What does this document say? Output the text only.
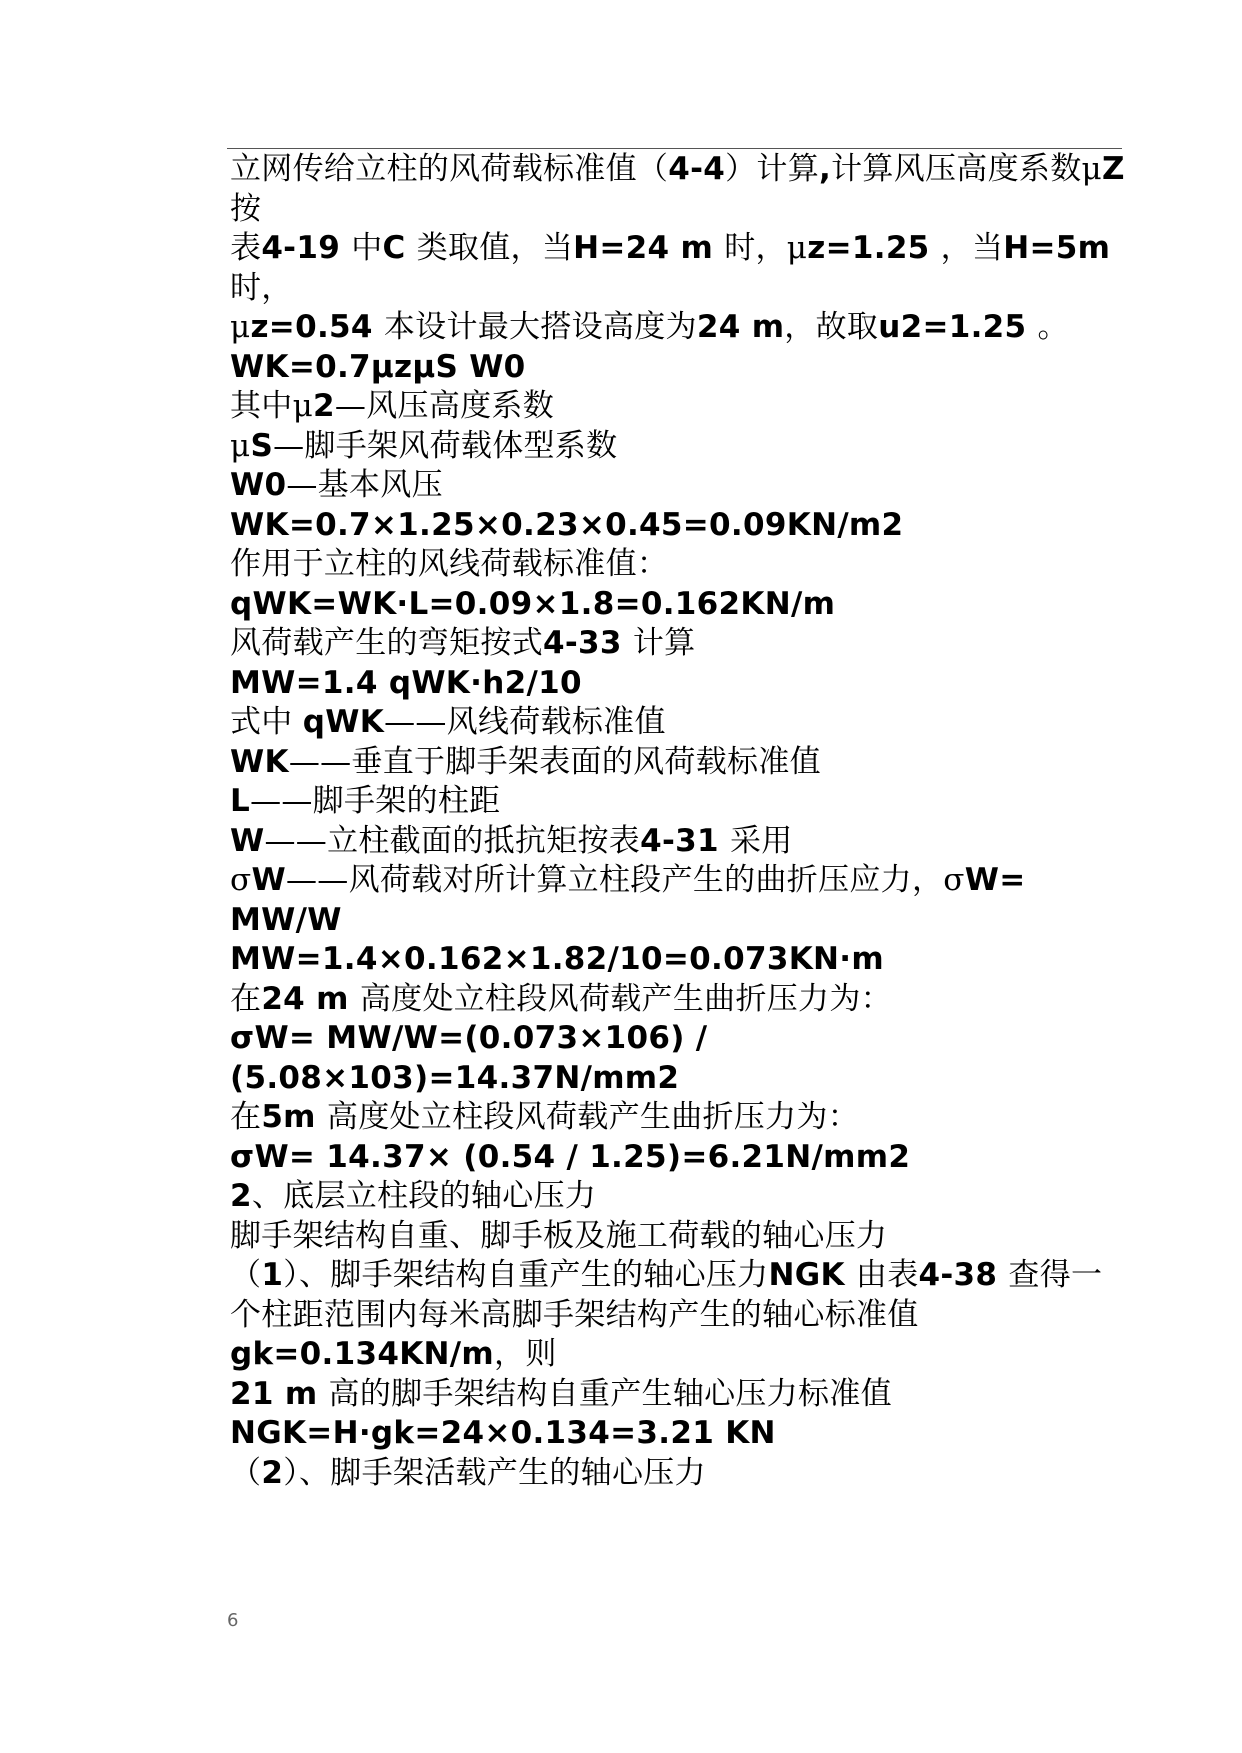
立网传给立柱的风荷载标准值（4-4）计算,计算风压高度系数μZ
按
表4-19 中C 类取值，当H=24 m 时，μz=1.25 ，当H=5m
时，
μz=0.54 本设计最大搭设高度为24 m，故取u2=1.25 。
WK=0.7μzμS W0
其中μ2—风压高度系数
μS—脚手架风荷载体型系数
W0—基本风压
WK=0.7×1.25×0.23×0.45=0.09KN/m2
作用于立柱的风线荷载标准值：
qWK=WK·L=0.09×1.8=0.162KN/m
风荷载产生的弯矩按式4-33 计算
MW=1.4 qWK·h2/10
式中 qWK——风线荷载标准值
WK——垂直于脚手架表面的风荷载标准值
L——脚手架的柱距
W——立柱截面的抵抗矩按表4-31 采用
σW——风荷载对所计算立柱段产生的曲折压应力，σW=
MW/W
MW=1.4×0.162×1.82/10=0.073KN·m
在24 m 高度处立柱段风荷载产生曲折压力为：
σW= MW/W=(0.073×106) /
(5.08×103)=14.37N/mm2
在5m 高度处立柱段风荷载产生曲折压力为：
σW= 14.37× (0.54 / 1.25)=6.21N/mm2
2、底层立柱段的轴心压力
脚手架结构自重、脚手板及施工荷载的轴心压力
（1）、脚手架结构自重产生的轴心压力NGK 由表4-38 查得一
个柱距范围内每米高脚手架结构产生的轴心标准值
gk=0.134KN/m，则
21 m 高的脚手架结构自重产生轴心压力标准值
NGK=H·gk=24×0.134=3.21 KN
（2）、脚手架活载产生的轴心压力
6
